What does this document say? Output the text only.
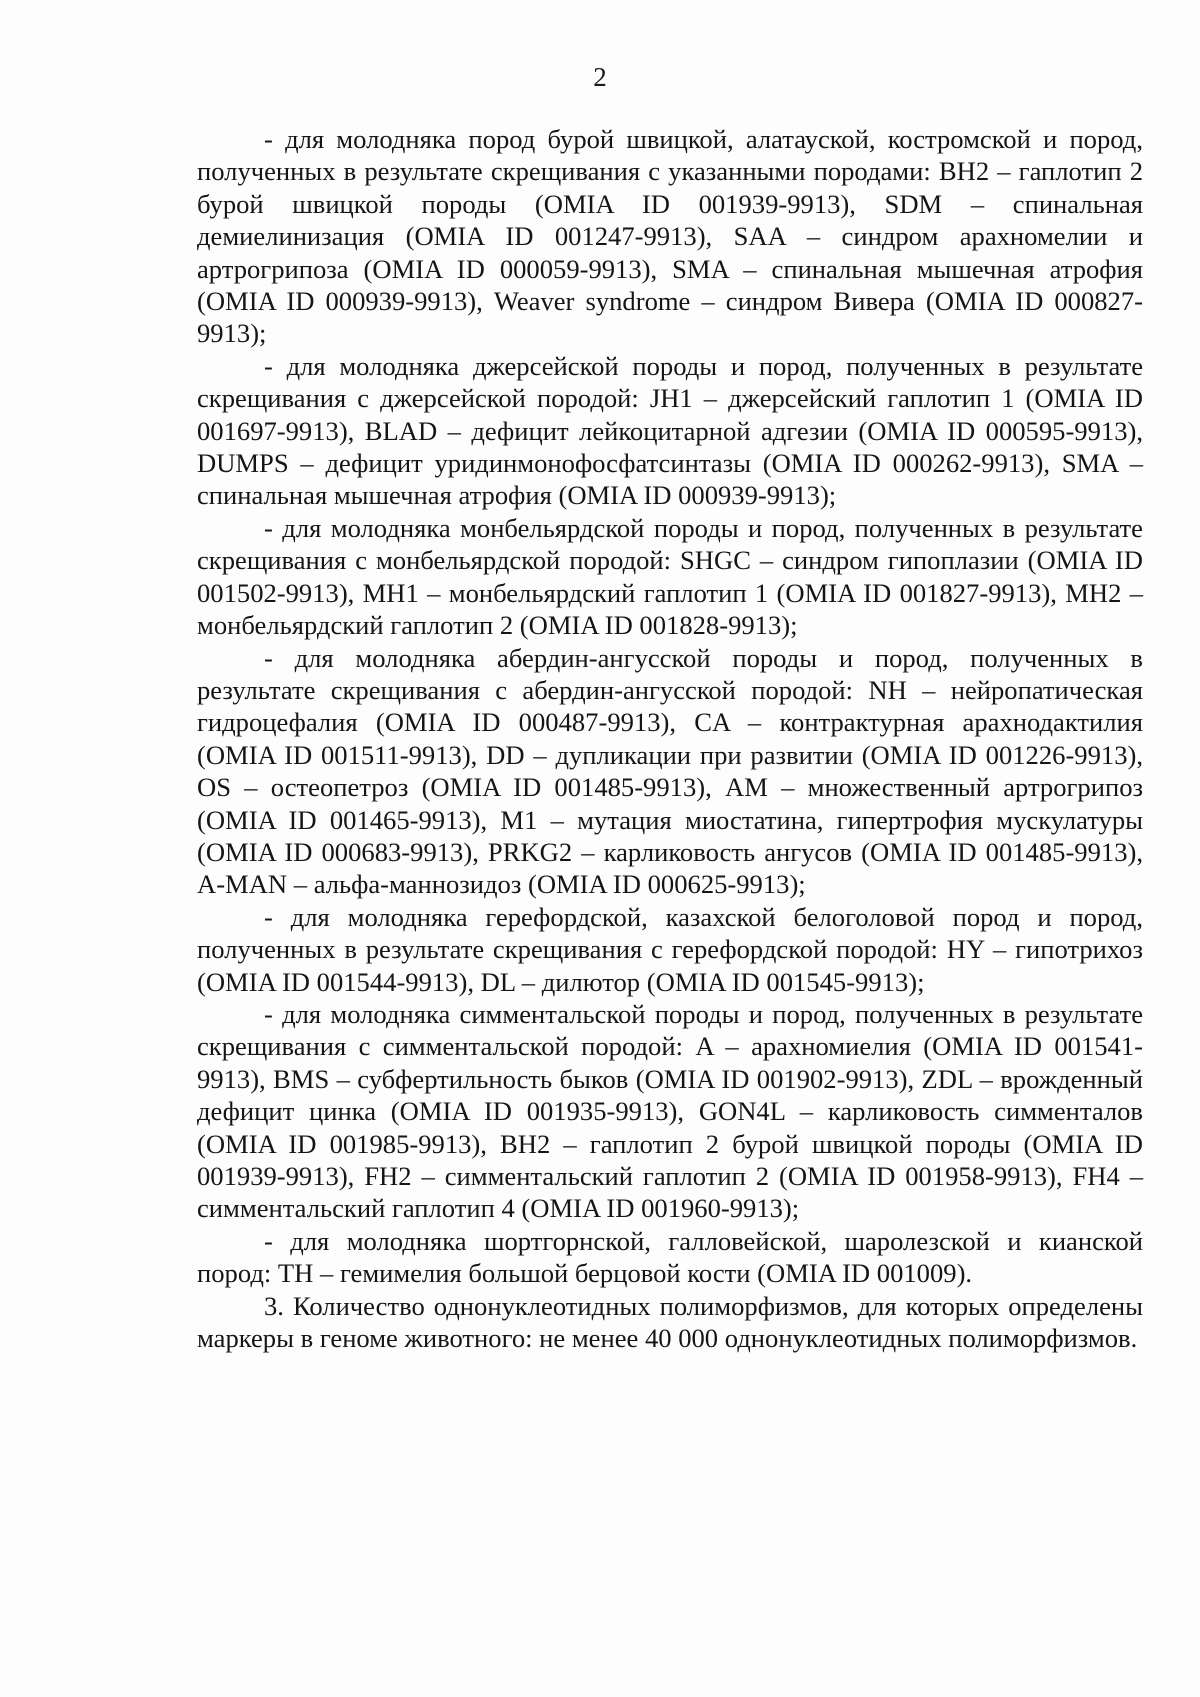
2

- для молодняка пород бурой швицкой, алатауской, костромской и пород, полученных в результате скрещивания с указанными породами: BH2 – гаплотип 2 бурой швицкой породы (OMIA ID 001939-9913), SDM – спинальная демиелинизация (OMIA ID 001247-9913), SAA – синдром арахномелии и артрогрипоза (OMIA ID 000059-9913), SMA – спинальная мышечная атрофия (OMIA ID 000939-9913), Weaver syndrome – синдром Вивера (OMIA ID 000827-9913);

- для молодняка джерсейской породы и пород, полученных в результате скрещивания с джерсейской породой: JH1 – джерсейский гаплотип 1 (OMIA ID 001697-9913), BLAD – дефицит лейкоцитарной адгезии (OMIA ID 000595-9913), DUMPS – дефицит уридинмонофосфатсинтазы (OMIA ID 000262-9913), SMA – спинальная мышечная атрофия (OMIA ID 000939-9913);

- для молодняка монбельярдской породы и пород, полученных в результате скрещивания с монбельярдской породой: SHGC – синдром гипоплазии (OMIA ID 001502-9913), MH1 – монбельярдский гаплотип 1 (OMIA ID 001827-9913), MH2 – монбельярдский гаплотип 2 (OMIA ID 001828-9913);

- для молодняка абердин-ангусской породы и пород, полученных в результате скрещивания с абердин-ангусской породой: NH – нейропатическая гидроцефалия (OMIA ID 000487-9913), CA – контрактурная арахнодактилия (OMIA ID 001511-9913), DD – дупликации при развитии (OMIA ID 001226-9913), OS – остеопетроз (OMIA ID 001485-9913), AM – множественный артрогрипоз (OMIA ID 001465-9913), M1 – мутация миостатина, гипертрофия мускулатуры (OMIA ID 000683-9913), PRKG2 – карликовость ангусов (OMIA ID 001485-9913), A-MAN – альфа-маннозидоз (OMIA ID 000625-9913);

- для молодняка герефордской, казахской белоголовой пород и пород, полученных в результате скрещивания с герефордской породой: HY – гипотрихоз (OMIA ID 001544-9913), DL – дилютор (OMIA ID 001545-9913);

- для молодняка симментальской породы и пород, полученных в результате скрещивания с симментальской породой: A – арахномиелия (OMIA ID 001541-9913), BMS – субфертильность быков (OMIA ID 001902-9913), ZDL – врожденный дефицит цинка (OMIA ID 001935-9913), GON4L – карликовость симменталов (OMIA ID 001985-9913), BH2 – гаплотип 2 бурой швицкой породы (OMIA ID 001939-9913), FH2 – симментальский гаплотип 2 (OMIA ID 001958-9913), FH4 – симментальский гаплотип 4 (OMIA ID 001960-9913);

- для молодняка шортгорнской, галловейской, шаролезской и кианской пород: TH – гемимелия большой берцовой кости (OMIA ID 001009).

3. Количество однонуклеотидных полиморфизмов, для которых определены маркеры в геноме животного: не менее 40 000 однонуклеотидных полиморфизмов.
